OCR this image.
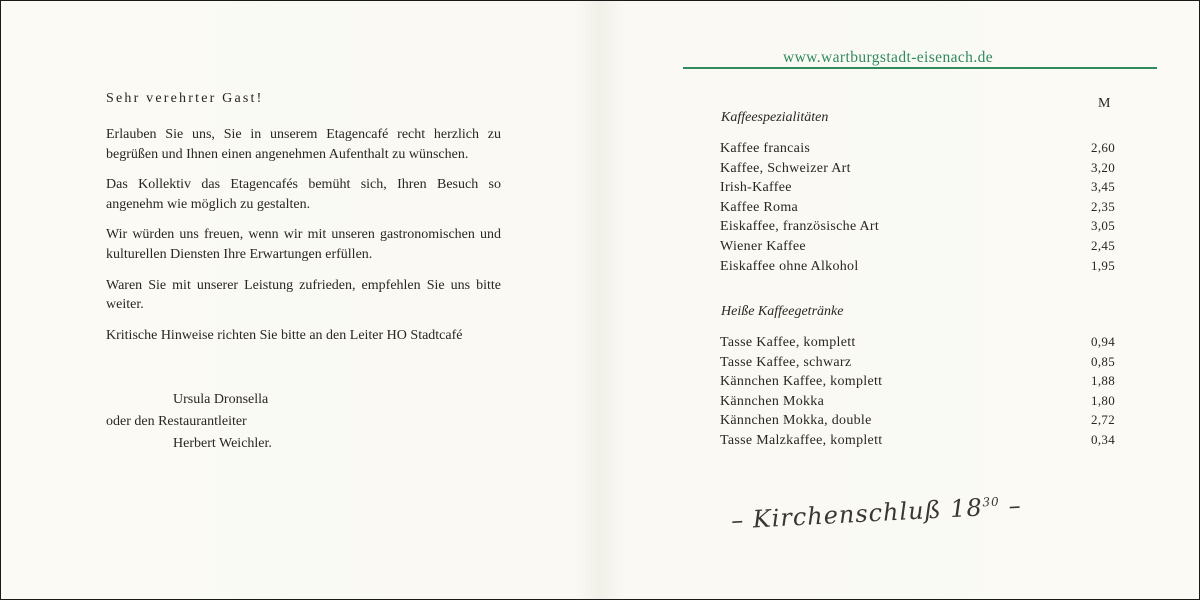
Sehr verehrter Gast!

Erlauben Sie uns, Sie in unserem Etagencafé recht herzlich zu begrüßen und Ihnen einen angenehmen Aufenthalt zu wünschen.

Das Kollektiv das Etagencafés bemüht sich, Ihren Besuch so angenehm wie möglich zu gestalten.

Wir würden uns freuen, wenn wir mit unseren gastronomischen und kulturellen Diensten Ihre Erwartungen erfüllen.

Waren Sie mit unserer Leistung zufrieden, empfehlen Sie uns bitte weiter.

Kritische Hinweise richten Sie bitte an den Leiter HO Stadtcafé

Ursula Dronsella
oder den Restaurantleiter
Herbert Weichler.
www.wartburgstadt-eisenach.de
M
Kaffeespezialitäten
Kaffee francais	2,60
Kaffee, Schweizer Art	3,20
Irish-Kaffee	3,45
Kaffee Roma	2,35
Eiskaffee, französische Art	3,05
Wiener Kaffee	2,45
Eiskaffee ohne Alkohol	1,95
Heiße Kaffeegetränke
Tasse Kaffee, komplett	0,94
Tasse Kaffee, schwarz	0,85
Kännchen Kaffee, komplett	1,88
Kännchen Mokka	1,80
Kännchen Mokka, double	2,72
Tasse Malzkaffee, komplett	0,34
– Kirchenschluß $18^{30}$ –
